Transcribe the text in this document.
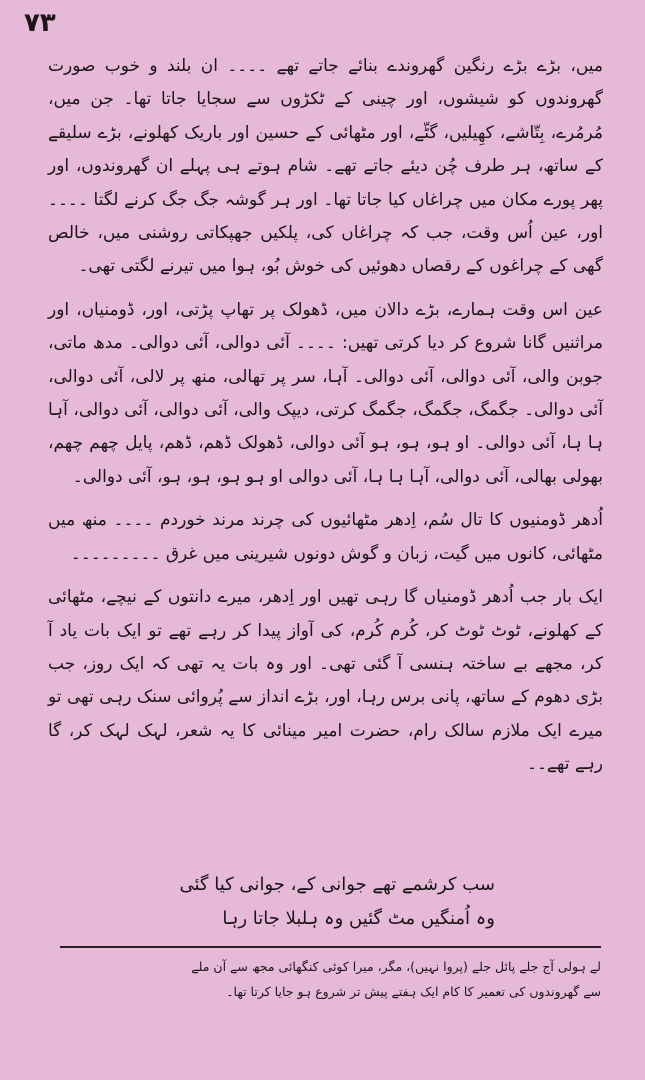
۷۳

میں، بڑے بڑے رنگین گھروندے بنائے جاتے تھے ۔۔۔۔ ان بلند و خوب صورت گھروندوں کو شیشوں، اور چینی کے ٹکڑوں سے سجایا جاتا تھا۔ جن میں، مُرمُرے، بِتّاشے، کھِیلیں، گٹّے، اور مٹھائی کے حسین اور باریک کھلونے، بڑے سلیقے کے ساتھ، ہر طرف چُن دیئے جاتے تھے۔ شام ہوتے ہی پہلے ان گھروندوں، اور پھر پورے مکان میں چراغاں کیا جاتا تھا۔ اور ہر گوشہ جگ جگ کرنے لگتا ۔۔۔۔ اور، عین اُس وقت، جب کہ چراغاں کی، پلکیں جھپکاتی روشنی میں، خالص گھی کے چراغوں کے رقصاں دھوئیں کی خوش بُو، ہوا میں تیرنے لگتی تھی۔

عین اس وقت ہمارے، بڑے دالان میں، ڈھولک پر تھاپ پڑتی، اور، ڈومنیاں، اور مراثنیں گانا شروع کر دیا کرتی تھیں: ۔۔۔۔ آئی دوالی، آئی دوالی۔ مدھ ماتی، جوبن والی، آئی دوالی، آئی دوالی۔ آہا، سر پر تھالی، منھ پر لالی، آئی دوالی، آئی دوالی۔ جگمگ، جگمگ، جگمگ کرتی، دیپک والی، آئی دوالی، آئی دوالی، آہا ہا ہا، آئی دوالی۔ او ہو، ہو، ہو آئی دوالی، ڈھولک ڈھم، ڈھم، پایل چھم چھم، بھولی بھالی، آئی دوالی، آہا ہا ہا، آئی دوالی او ہو ہو، ہو، ہو، آئی دوالی۔

اُدھر ڈومنیوں کا تال سُم، اِدھر مٹھائیوں کی چرند مرند خوردم ۔۔۔۔ منھ میں مٹھائی، کانوں میں گیت، زبان و گوش دونوں شیرینی میں غرق ۔۔۔۔۔۔۔۔۔

ایک بار جب اُدھر ڈومنیاں گا رہی تھیں اور اِدھر، میرے دانتوں کے نیچے، مٹھائی کے کھلونے، ٹوٹ ٹوٹ کر، کُرم کُرم، کی آواز پیدا کر رہے تھے تو ایک بات یاد آ کر، مجھے بے ساختہ ہنسی آ گئی تھی۔ اور وہ بات یہ تھی کہ ایک روز، جب بڑی دھوم کے ساتھ، پانی برس رہا، اور، بڑے انداز سے پُروائی سنک رہی تھی تو میرے ایک ملازم سالک رام، حضرت امیر مینائی کا یہ شعر، لہک لہک کر، گا رہے تھے۔۔

سب کرشمے تھے جوانی کے، جوانی کیا گئی
وہ اُمنگیں مٹ گئیں وہ ہلبلا جاتا رہا
لے ہولی آج جلے پائل جلے (پروا نہیں)، مگر، میرا کوئی کنگھائی مجھ سے آن ملے
سے گھروندوں کی تعمیر کا کام ایک ہفتے پیش تر شروع ہو جایا کرتا تھا۔
